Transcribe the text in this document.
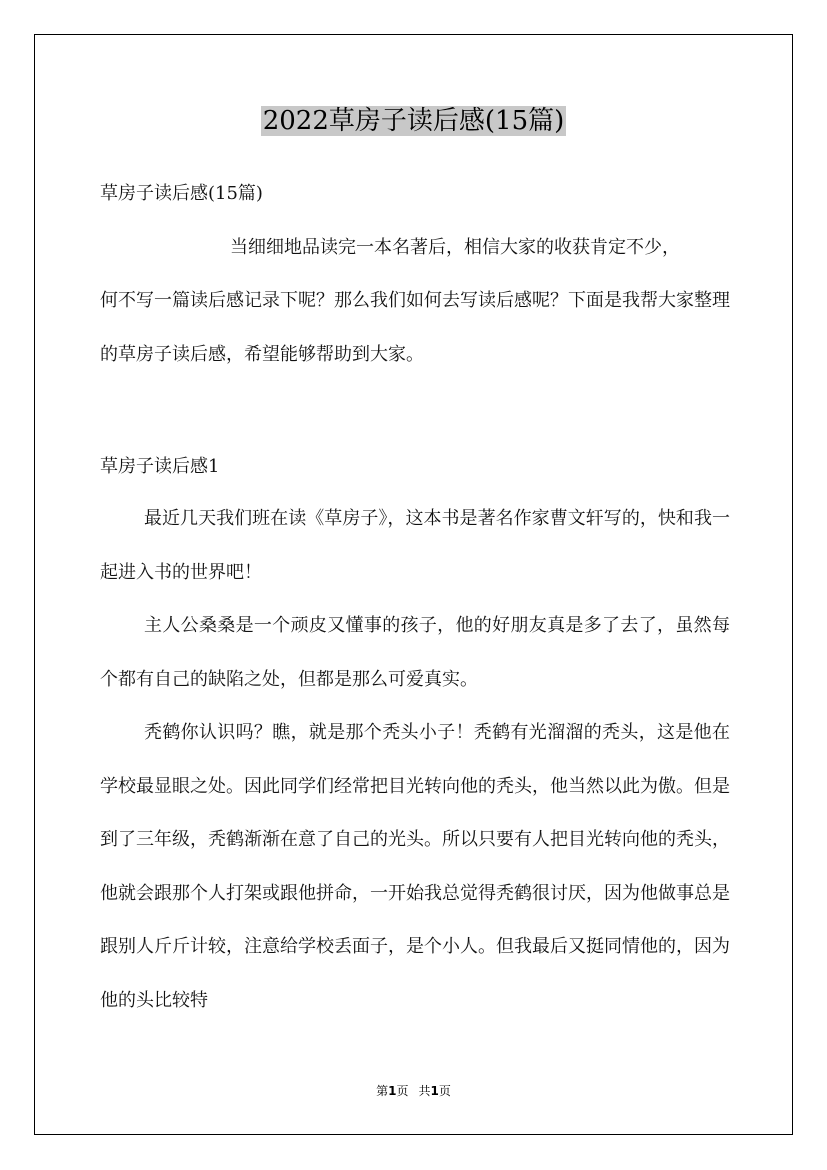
2022草房子读后感(15篇)

草房子读后感(15篇)

当细细地品读完一本名著后，相信大家的收获肯定不少，

何不写一篇读后感记录下呢？那么我们如何去写读后感呢？下面是我帮大家整理的草房子读后感，希望能够帮助到大家。

草房子读后感1

最近几天我们班在读《草房子》，这本书是著名作家曹文轩写的，快和我一起进入书的世界吧！

主人公桑桑是一个顽皮又懂事的孩子，他的好朋友真是多了去了，虽然每个都有自己的缺陷之处，但都是那么可爱真实。

秃鹤你认识吗？瞧，就是那个秃头小子！秃鹤有光溜溜的秃头，这是他在学校最显眼之处。因此同学们经常把目光转向他的秃头，他当然以此为傲。但是到了三年级，秃鹤渐渐在意了自己的光头。所以只要有人把目光转向他的秃头，他就会跟那个人打架或跟他拼命，一开始我总觉得秃鹤很讨厌，因为他做事总是跟别人斤斤计较，注意给学校丢面子，是个小人。但我最后又挺同情他的，因为他的头比较特

第1页 共1页
